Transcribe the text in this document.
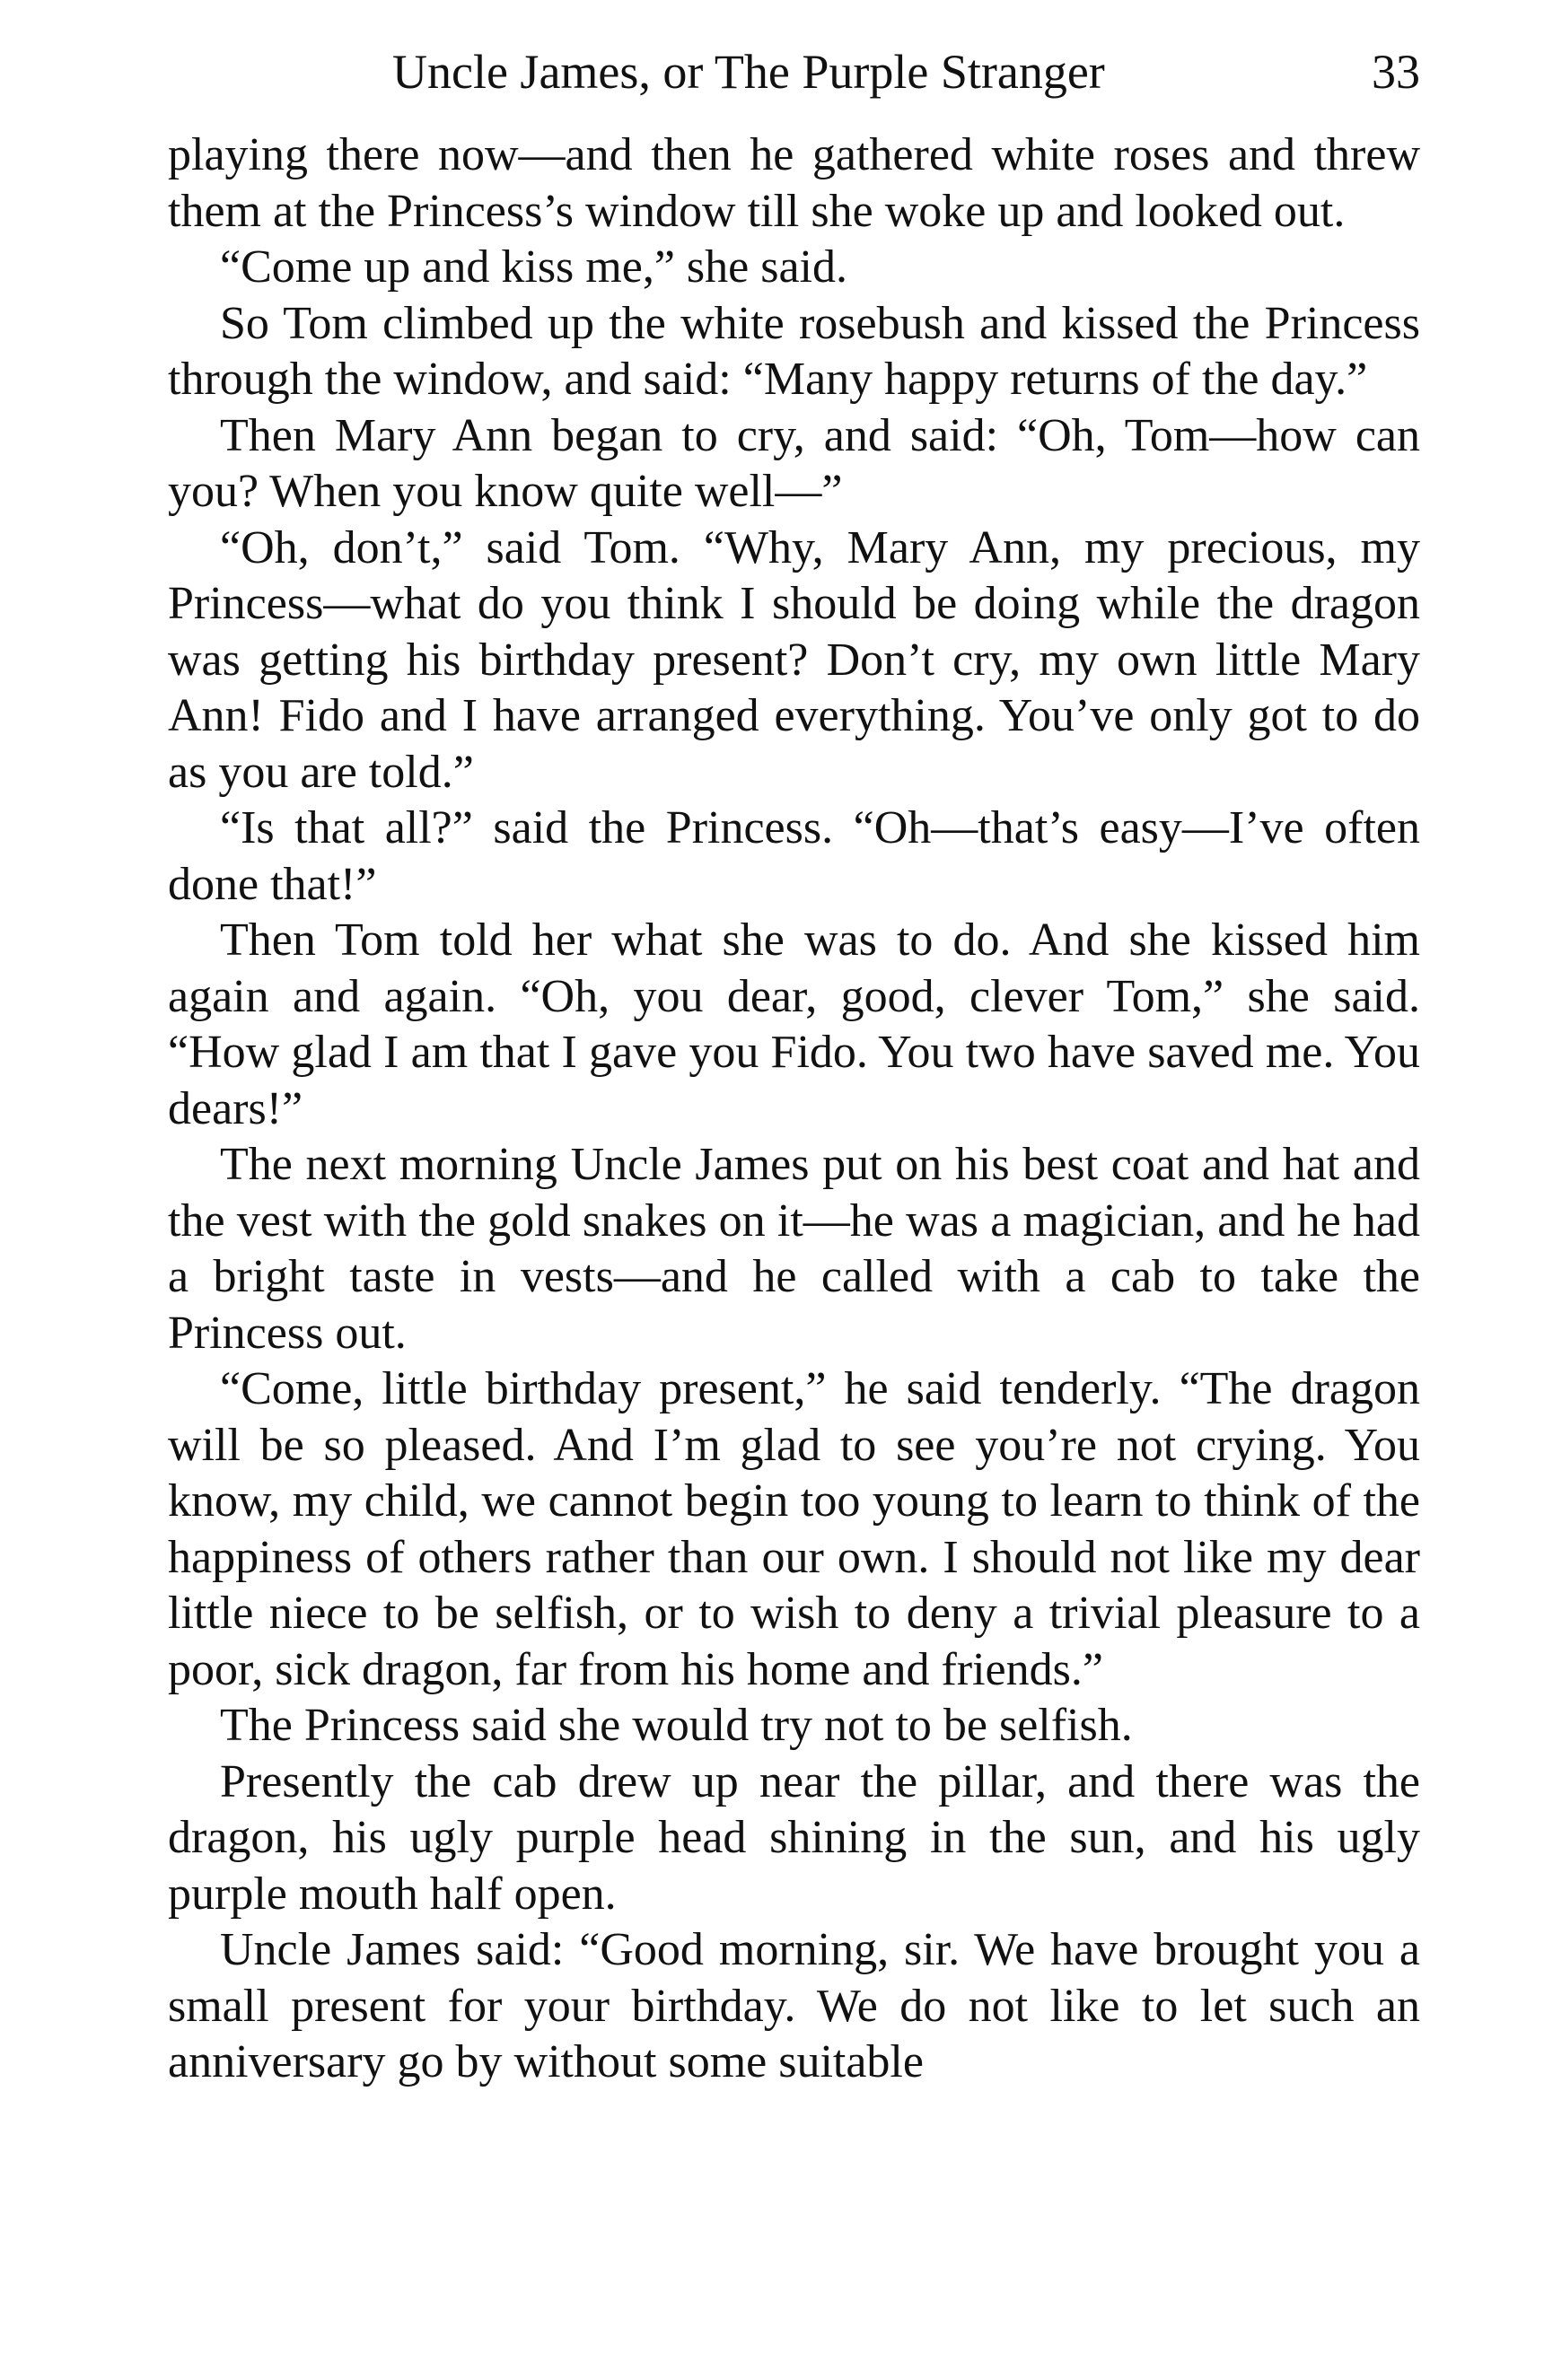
Uncle James, or The Purple Stranger	33

playing there now—and then he gathered white roses and threw them at the Princess’s window till she woke up and looked out.

“Come up and kiss me,” she said.

So Tom climbed up the white rosebush and kissed the Princess through the window, and said: “Many happy returns of the day.”

Then Mary Ann began to cry, and said: “Oh, Tom—how can you? When you know quite well—”

“Oh, don’t,” said Tom. “Why, Mary Ann, my precious, my Princess—what do you think I should be doing while the dragon was getting his birthday present? Don’t cry, my own little Mary Ann! Fido and I have arranged everything. You’ve only got to do as you are told.”

“Is that all?” said the Princess. “Oh—that’s easy—I’ve often done that!”

Then Tom told her what she was to do. And she kissed him again and again. “Oh, you dear, good, clever Tom,” she said. “How glad I am that I gave you Fido. You two have saved me. You dears!”

The next morning Uncle James put on his best coat and hat and the vest with the gold snakes on it—he was a magician, and he had a bright taste in vests—and he called with a cab to take the Princess out.

“Come, little birthday present,” he said tenderly. “The dragon will be so pleased. And I’m glad to see you’re not crying. You know, my child, we cannot begin too young to learn to think of the happiness of others rather than our own. I should not like my dear little niece to be selfish, or to wish to deny a trivial pleasure to a poor, sick dragon, far from his home and friends.”

The Princess said she would try not to be selfish.

Presently the cab drew up near the pillar, and there was the dragon, his ugly purple head shining in the sun, and his ugly purple mouth half open.

Uncle James said: “Good morning, sir. We have brought you a small present for your birthday. We do not like to let such an anniversary go by without some suitable
